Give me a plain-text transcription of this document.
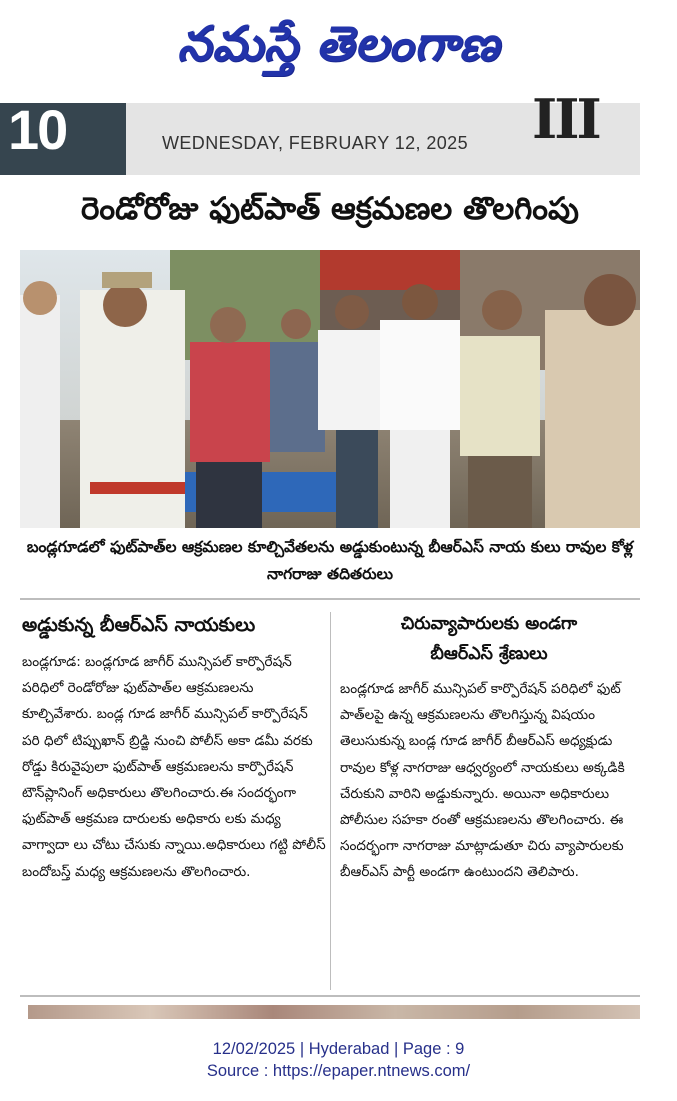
నమస్తే తెలంగాణ
10	III
WEDNESDAY, FEBRUARY 12, 2025
రెండోరోజు ఫుట్‌పాత్ ఆక్రమణల తొలగింపు
బండ్లగూడలో ఫుట్‌పాత్‌ల ఆక్రమణల కూల్చివేతలను అడ్డుకుంటున్న బీఆర్‌ఎస్ నాయ కులు రావుల కోళ్ల నాగరాజు తదితరులు
అడ్డుకున్న బీఆర్‌ఎస్ నాయకులు
బండ్లగూడ: బండ్లగూడ జాగీర్ మున్సిపల్ కార్పొరేషన్ పరిధిలో రెండోరోజు ఫుట్‌పాత్‌ల ఆక్రమణలను కూల్చివేశారు. బండ్ల గూడ జాగీర్ మున్సిపల్ కార్పొరేషన్ పరి ధిలో టిప్పుఖాన్ బ్రిడ్జి నుంచి పోలీస్ అకా డమీ వరకు రోడ్డు కిరువైపులా ఫుట్‌పాత్ ఆక్రమణలను కార్పొరేషన్ టౌన్‌ప్లానింగ్ అధికారులు తొలగించారు.ఈ సందర్భంగా ఫుట్‌పాత్ ఆక్రమణ దారులకు అధికారు లకు మధ్య వాగ్వాదా లు చోటు చేసుకు న్నాయి.అధికారులు గట్టి పోలీస్ బందోబస్త్ మధ్య ఆక్రమణలను తొలగించారు.
చిరువ్యాపారులకు అండగా
బీఆర్‌ఎస్ శ్రేణులు
బండ్లగూడ జాగీర్ మున్సిపల్ కార్పొరేషన్ పరిధిలో ఫుట్ పాత్‌లపై ఉన్న ఆక్రమణలను తొలగిస్తున్న విషయం తెలుసుకున్న బండ్ల గూడ జాగీర్ బీఆర్‌ఎస్ అధ్యక్షుడు రావుల కోళ్ల నాగరాజు ఆధ్వర్యంలో నాయకులు అక్కడికి చేరుకుని వారిని అడ్డుకున్నారు. అయినా అధికారులు పోలీసుల సహకా రంతో ఆక్రమణలను తొలగించారు. ఈ సందర్భంగా నాగరాజు మాట్లాడుతూ చిరు వ్యాపారులకు బీఆర్‌ఎస్ పార్టీ అండగా ఉంటుందని తెలిపారు.
12/02/2025 | Hyderabad | Page : 9
Source : https://epaper.ntnews.com/
